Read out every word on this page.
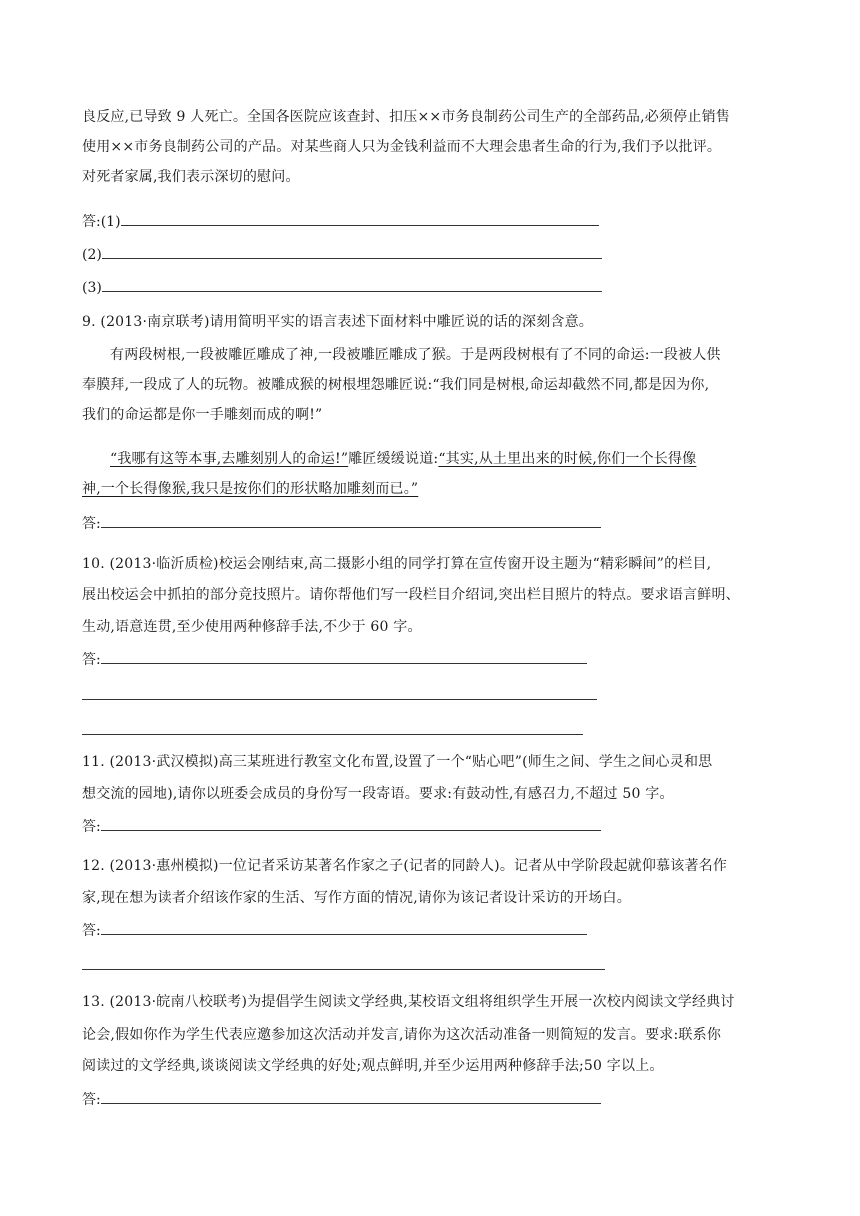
良反应,已导致 9 人死亡。全国各医院应该查封、扣压××市务良制药公司生产的全部药品,必须停止销售
使用××市务良制药公司的产品。对某些商人只为金钱利益而不大理会患者生命的行为,我们予以批评。
对死者家属,我们表示深切的慰问。
答:(1)
(2)
(3)
9. (2013·南京联考)请用简明平实的语言表述下面材料中雕匠说的话的深刻含意。
有两段树根,一段被雕匠雕成了神,一段被雕匠雕成了猴。于是两段树根有了不同的命运:一段被人供
奉膜拜,一段成了人的玩物。被雕成猴的树根埋怨雕匠说:“我们同是树根,命运却截然不同,都是因为你,
我们的命运都是你一手雕刻而成的啊!”
“我哪有这等本事,去雕刻别人的命运!”雕匠缓缓说道:“其实,从土里出来的时候,你们一个长得像
神,一个长得像猴,我只是按你们的形状略加雕刻而已。”
答:
10. (2013·临沂质检)校运会刚结束,高二摄影小组的同学打算在宣传窗开设主题为“精彩瞬间”的栏目,
展出校运会中抓拍的部分竞技照片。请你帮他们写一段栏目介绍词,突出栏目照片的特点。要求语言鲜明、
生动,语意连贯,至少使用两种修辞手法,不少于 60 字。
答:
11. (2013·武汉模拟)高三某班进行教室文化布置,设置了一个“贴心吧”(师生之间、学生之间心灵和思
想交流的园地),请你以班委会成员的身份写一段寄语。要求:有鼓动性,有感召力,不超过 50 字。
答:
12. (2013·惠州模拟)一位记者采访某著名作家之子(记者的同龄人)。记者从中学阶段起就仰慕该著名作
家,现在想为读者介绍该作家的生活、写作方面的情况,请你为该记者设计采访的开场白。
答:
13. (2013·皖南八校联考)为提倡学生阅读文学经典,某校语文组将组织学生开展一次校内阅读文学经典讨
论会,假如你作为学生代表应邀参加这次活动并发言,请你为这次活动准备一则简短的发言。要求:联系你
阅读过的文学经典,谈谈阅读文学经典的好处;观点鲜明,并至少运用两种修辞手法;50 字以上。
答:
